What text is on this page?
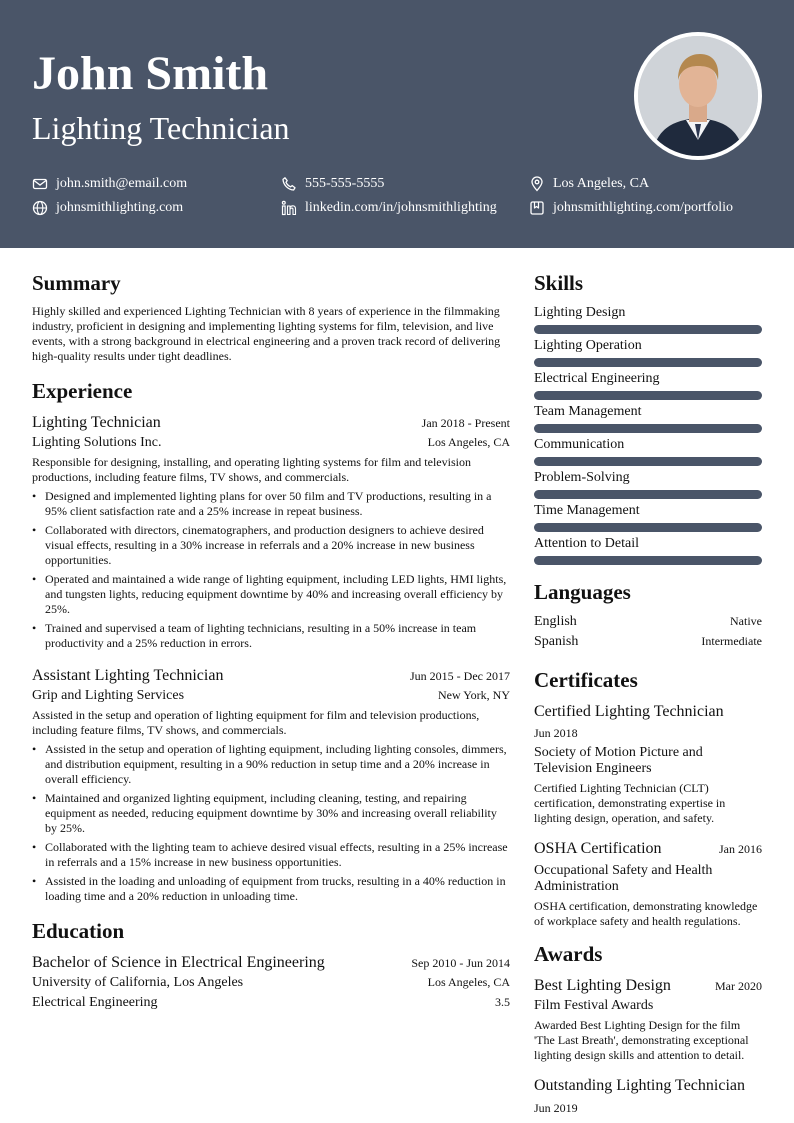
John Smith
Lighting Technician
john.smith@email.com	555-555-5555	Los Angeles, CA
johnsmithlighting.com	linkedin.com/in/johnsmithlighting	johnsmithlighting.com/portfolio
Summary

Highly skilled and experienced Lighting Technician with 8 years of experience in the filmmaking industry, proficient in designing and implementing lighting systems for film, television, and live events, with a strong background in electrical engineering and a proven track record of delivering high-quality results under tight deadlines.

Experience
Lighting Technician	Jan 2018 - Present
Lighting Solutions Inc.	Los Angeles, CA

Responsible for designing, installing, and operating lighting systems for film and television productions, including feature films, TV shows, and commercials.

• Designed and implemented lighting plans for over 50 film and TV productions, resulting in a 95% client satisfaction rate and a 25% increase in repeat business.
• Collaborated with directors, cinematographers, and production designers to achieve desired visual effects, resulting in a 30% increase in referrals and a 20% increase in new business opportunities.
• Operated and maintained a wide range of lighting equipment, including LED lights, HMI lights, and tungsten lights, reducing equipment downtime by 40% and increasing overall efficiency by 25%.
• Trained and supervised a team of lighting technicians, resulting in a 50% increase in team productivity and a 25% reduction in errors.
Assistant Lighting Technician	Jun 2015 - Dec 2017
Grip and Lighting Services	New York, NY

Assisted in the setup and operation of lighting equipment for film and television productions, including feature films, TV shows, and commercials.

• Assisted in the setup and operation of lighting equipment, including lighting consoles, dimmers, and distribution equipment, resulting in a 90% reduction in setup time and a 20% increase in overall efficiency.
• Maintained and organized lighting equipment, including cleaning, testing, and repairing equipment as needed, reducing equipment downtime by 30% and increasing overall reliability by 25%.
• Collaborated with the lighting team to achieve desired visual effects, resulting in a 25% increase in referrals and a 15% increase in new business opportunities.
• Assisted in the loading and unloading of equipment from trucks, resulting in a 40% reduction in loading time and a 20% reduction in unloading time.
Education
Bachelor of Science in Electrical Engineering	Sep 2010 - Jun 2014
University of California, Los Angeles	Los Angeles, CA
Electrical Engineering	3.5
Skills
Lighting Design
Lighting Operation
Electrical Engineering
Team Management
Communication
Problem-Solving
Time Management
Attention to Detail
Languages
English	Native
Spanish	Intermediate
Certificates
Certified Lighting Technician
Jun 2018
Society of Motion Picture and Television Engineers
Certified Lighting Technician (CLT) certification, demonstrating expertise in lighting design, operation, and safety.
OSHA Certification	Jan 2016
Occupational Safety and Health Administration
OSHA certification, demonstrating knowledge of workplace safety and health regulations.
Awards
Best Lighting Design	Mar 2020
Film Festival Awards
Awarded Best Lighting Design for the film 'The Last Breath', demonstrating exceptional lighting design skills and attention to detail.
Outstanding Lighting Technician
Jun 2019
